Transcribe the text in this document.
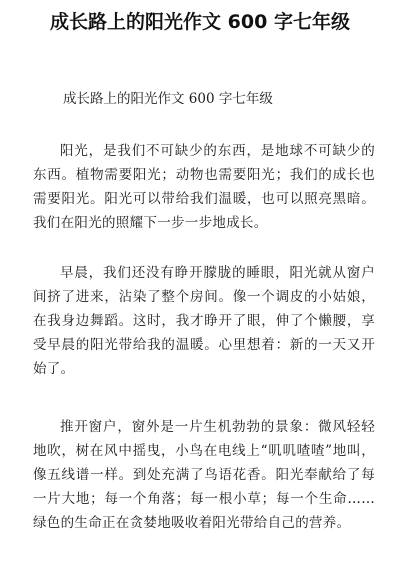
成长路上的阳光作文 600 字七年级
成长路上的阳光作文 600 字七年级

阳光，是我们不可缺少的东西，是地球不可缺少的东西。植物需要阳光；动物也需要阳光；我们的成长也需要阳光。阳光可以带给我们温暖，也可以照亮黑暗。我们在阳光的照耀下一步一步地成长。

早晨，我们还没有睁开朦胧的睡眼，阳光就从窗户间挤了进来，沾染了整个房间。像一个调皮的小姑娘，在我身边舞蹈。这时，我才睁开了眼，伸了个懒腰，享受早晨的阳光带给我的温暖。心里想着：新的一天又开始了。

推开窗户，窗外是一片生机勃勃的景象：微风轻轻地吹，树在风中摇曳，小鸟在电线上“叽叽喳喳”地叫，像五线谱一样。到处充满了鸟语花香。阳光奉献给了每一片大地；每一个角落；每一根小草；每一个生命……绿色的生命正在贪婪地吸收着阳光带给自己的营养。
